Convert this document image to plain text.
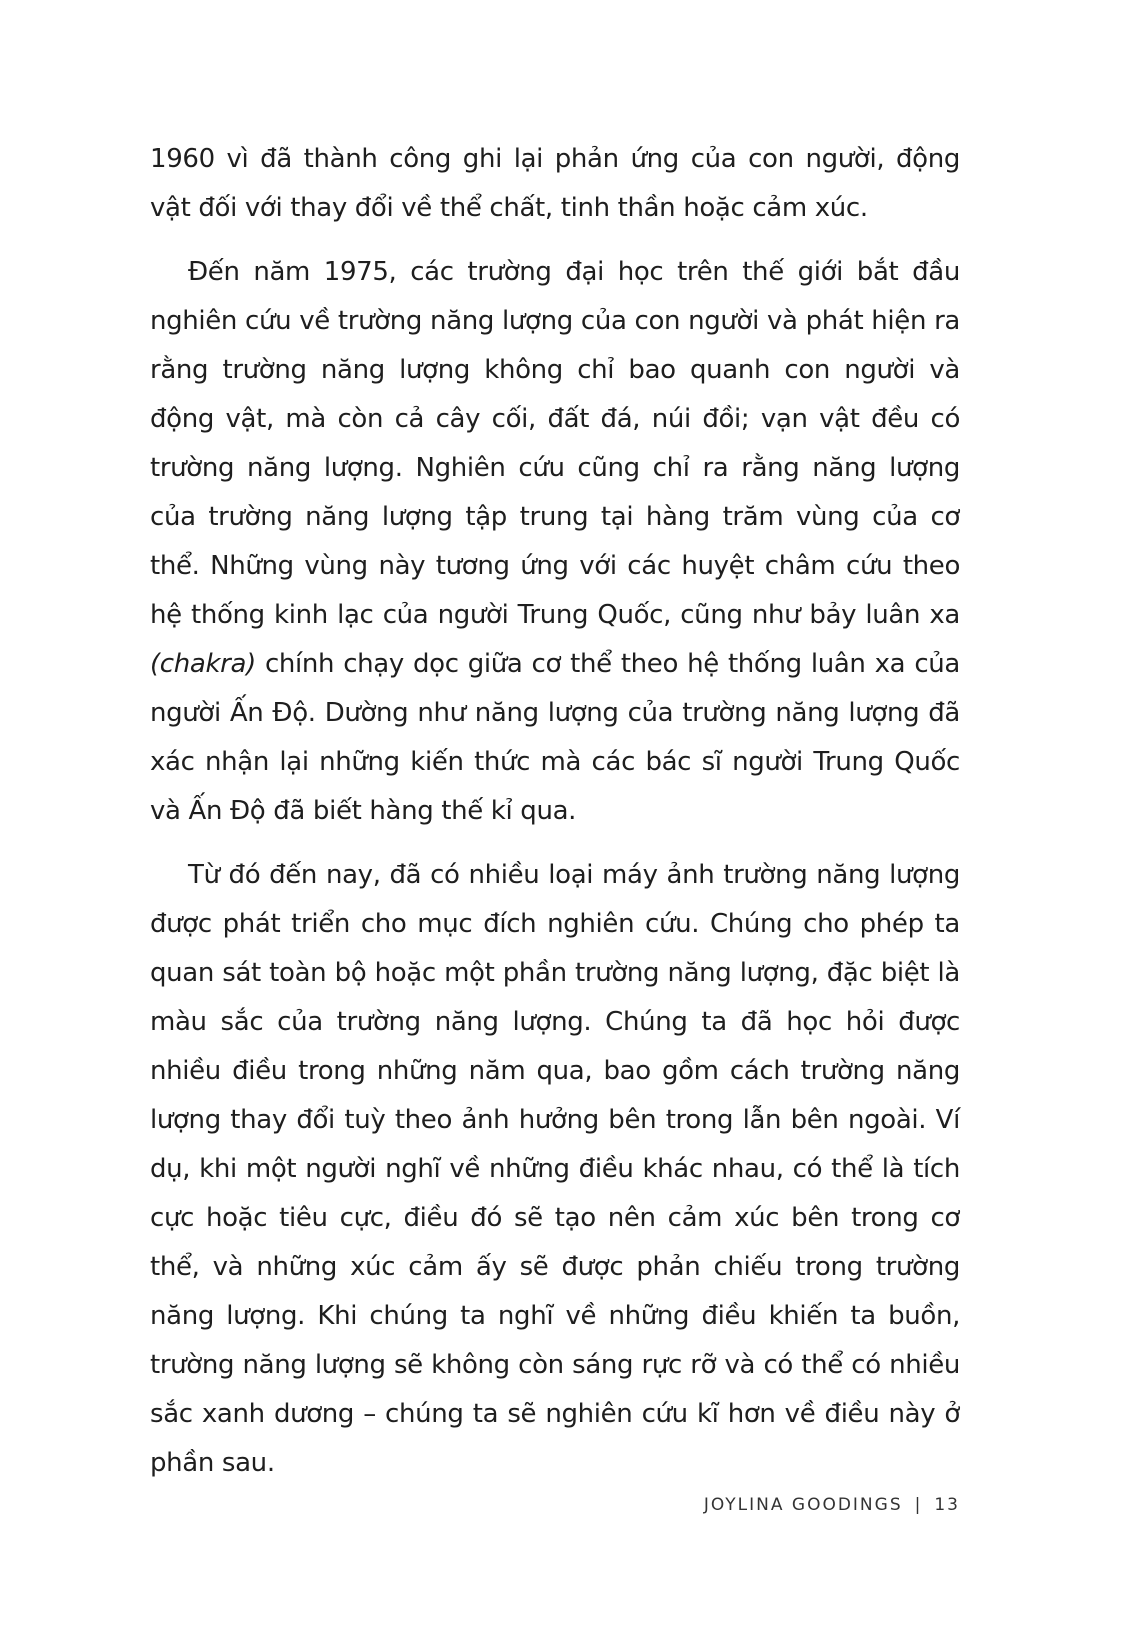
1960 vì đã thành công ghi lại phản ứng của con người, động vật đối với thay đổi về thể chất, tinh thần hoặc cảm xúc.

Đến năm 1975, các trường đại học trên thế giới bắt đầu nghiên cứu về trường năng lượng của con người và phát hiện ra rằng trường năng lượng không chỉ bao quanh con người và động vật, mà còn cả cây cối, đất đá, núi đồi; vạn vật đều có trường năng lượng. Nghiên cứu cũng chỉ ra rằng năng lượng của trường năng lượng tập trung tại hàng trăm vùng của cơ thể. Những vùng này tương ứng với các huyệt châm cứu theo hệ thống kinh lạc của người Trung Quốc, cũng như bảy luân xa (chakra) chính chạy dọc giữa cơ thể theo hệ thống luân xa của người Ấn Độ. Dường như năng lượng của trường năng lượng đã xác nhận lại những kiến thức mà các bác sĩ người Trung Quốc và Ấn Độ đã biết hàng thế kỉ qua.

Từ đó đến nay, đã có nhiều loại máy ảnh trường năng lượng được phát triển cho mục đích nghiên cứu. Chúng cho phép ta quan sát toàn bộ hoặc một phần trường năng lượng, đặc biệt là màu sắc của trường năng lượng. Chúng ta đã học hỏi được nhiều điều trong những năm qua, bao gồm cách trường năng lượng thay đổi tuỳ theo ảnh hưởng bên trong lẫn bên ngoài. Ví dụ, khi một người nghĩ về những điều khác nhau, có thể là tích cực hoặc tiêu cực, điều đó sẽ tạo nên cảm xúc bên trong cơ thể, và những xúc cảm ấy sẽ được phản chiếu trong trường năng lượng. Khi chúng ta nghĩ về những điều khiến ta buồn, trường năng lượng sẽ không còn sáng rực rỡ và có thể có nhiều sắc xanh dương – chúng ta sẽ nghiên cứu kĩ hơn về điều này ở phần sau.

JOYLINA GOODINGS | 13
